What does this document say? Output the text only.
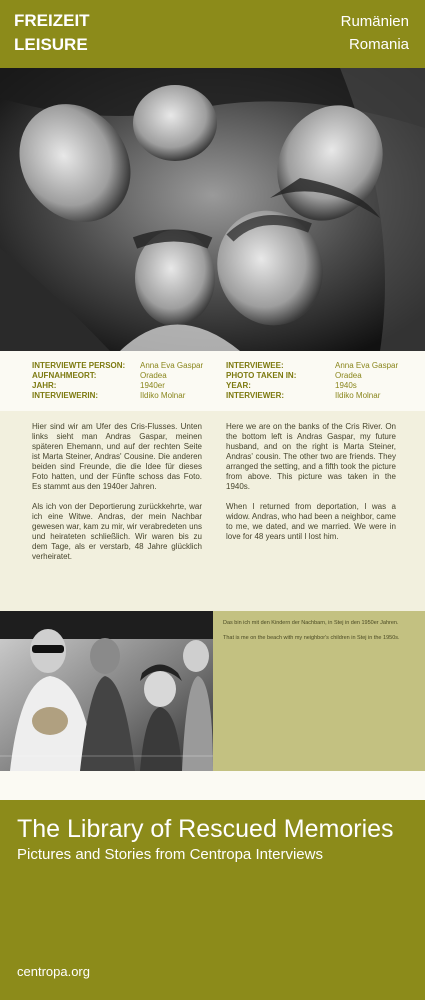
FREIZEIT
LEISURE
Rumänien
Romania
INTERVIEWTE PERSON:
AUFNAHMEORT:
JAHR:
INTERVIEWERIN:
Anna Eva Gaspar
Oradea
1940er
Ildiko Molnar
INTERVIEWEE:
PHOTO TAKEN IN:
YEAR:
INTERVIEWER:
Anna Eva Gaspar
Oradea
1940s
Ildiko Molnar

Hier sind wir am Ufer des Cris-Flusses. Unten links sieht man Andras Gaspar, meinen späteren Ehemann, und auf der rechten Seite ist Marta Steiner, Andras' Cousine. Die anderen beiden sind Freunde, die die Idee für dieses Foto hatten, und der Fünfte schoss das Foto. Es stammt aus den 1940er Jahren.

Als ich von der Deportierung zurückkehrte, war ich eine Witwe. Andras, der mein Nachbar gewesen war, kam zu mir, wir verabredeten uns und heirateten schließlich. Wir waren bis zu dem Tage, als er verstarb, 48 Jahre glücklich verheiratet.

Here we are on the banks of the Cris River. On the bottom left is Andras Gaspar, my future husband, and on the right is Marta Steiner, Andras' cousin. The other two are friends. They arranged the setting, and a fifth took the picture from above. This picture was taken in the 1940s.

When I returned from deportation, I was a widow. Andras, who had been a neighbor, came to me, we dated, and we married. We were in love for 48 years until I lost him.

Das bin ich mit den Kindern der Nachbarn, in Stej in den 1950er Jahren.

That is me on the beach with my neighbor's children in Stej in the 1950s.

The Library of Rescued Memories
Pictures and Stories from Centropa Interviews
centropa.org
